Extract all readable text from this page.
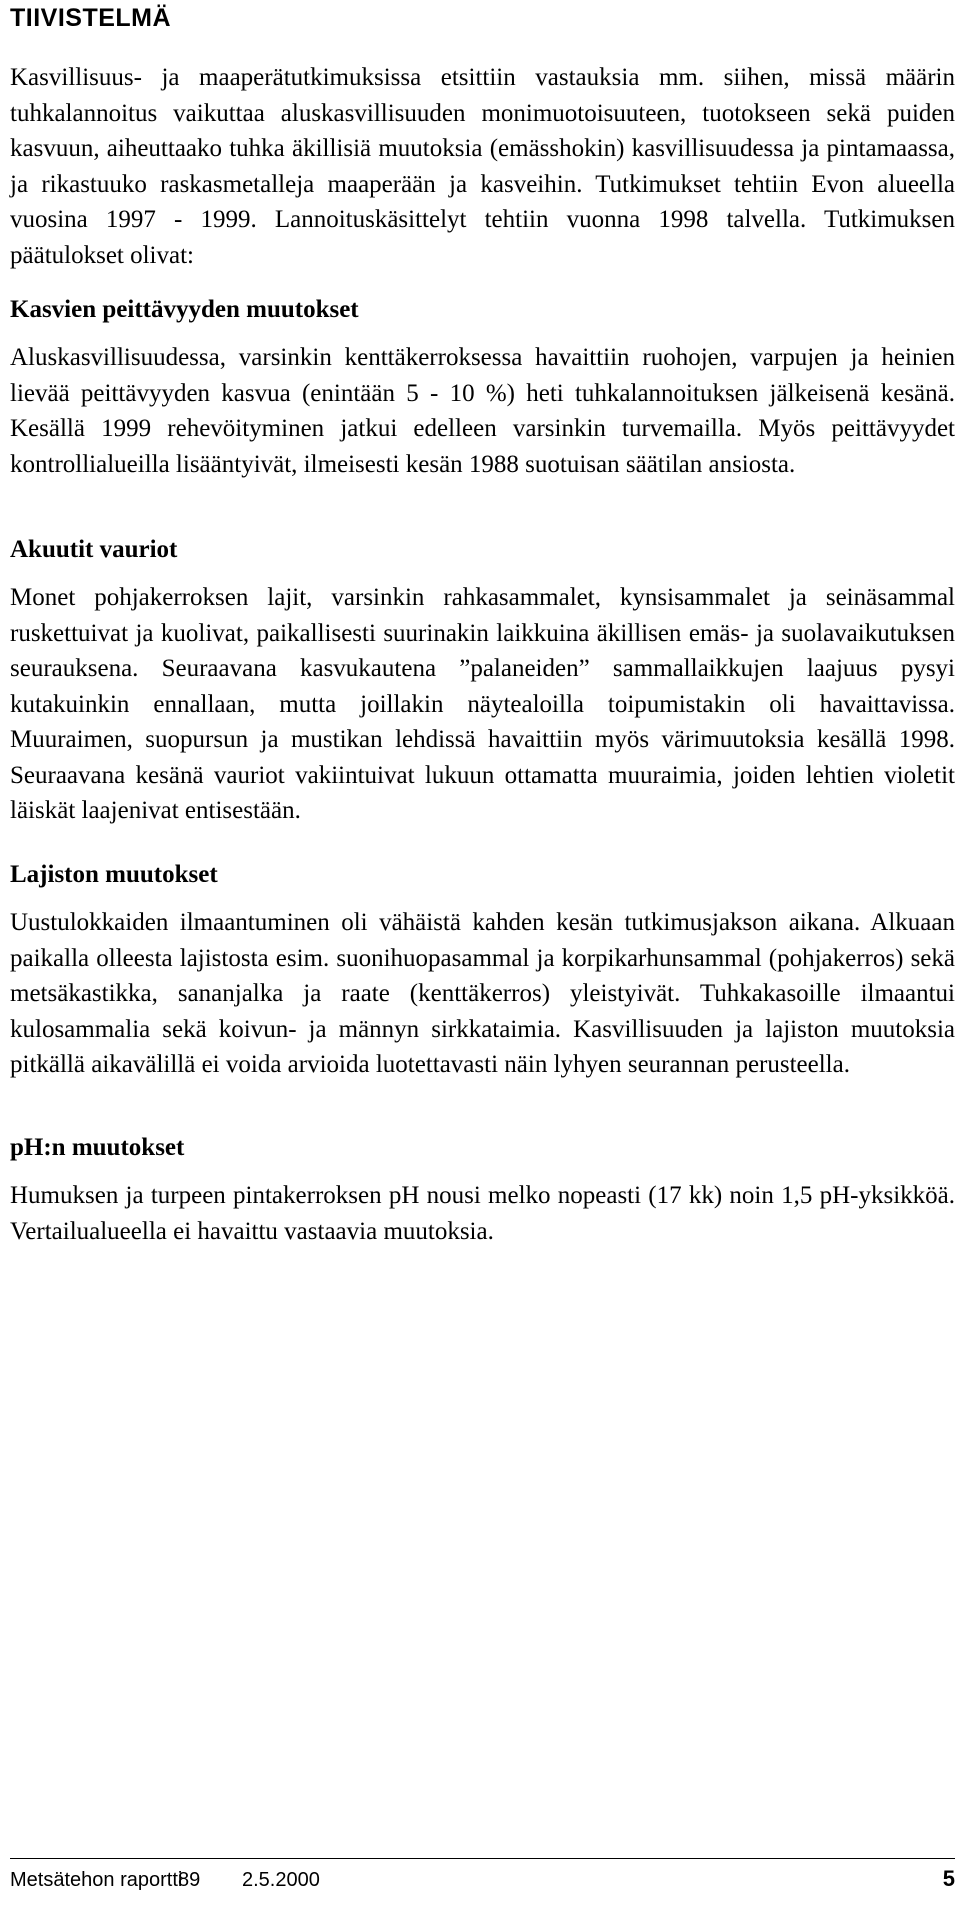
TIIVISTELMÄ

Kasvillisuus- ja maaperätutkimuksissa etsittiin vastauksia mm. siihen, missä määrin tuhkalannoitus vaikuttaa aluskasvillisuuden monimuotoisuuteen, tuotokseen sekä puiden kasvuun, aiheuttaako tuhka äkillisiä muutoksia (emässhokin) kasvillisuudessa ja pintamaassa, ja rikastuuko raskasmetalleja maaperään ja kasveihin. Tutkimukset tehtiin Evon alueella vuosina 1997 - 1999. Lannoituskäsittelyt tehtiin vuonna 1998 talvella. Tutkimuksen päätulokset olivat:

Kasvien peittävyyden muutokset

Aluskasvillisuudessa, varsinkin kenttäkerroksessa havaittiin ruohojen, varpujen ja heinien lievää peittävyyden kasvua (enintään 5 - 10 %) heti tuhkalannoituksen jälkeisenä kesänä. Kesällä 1999 rehevöityminen jatkui edelleen varsinkin turvemailla. Myös peittävyydet kontrollialueilla lisääntyivät, ilmeisesti kesän 1988 suotuisan säätilan ansiosta.

Akuutit vauriot

Monet pohjakerroksen lajit, varsinkin rahkasammalet, kynsisammalet ja seinäsammal ruskettuivat ja kuolivat, paikallisesti suurinakin laikkuina äkillisen emäs- ja suolavaikutuksen seurauksena. Seuraavana kasvukautena ”palaneiden” sammallaikkujen laajuus pysyi kutakuinkin ennallaan, mutta joillakin näytealoilla toipumistakin oli havaittavissa. Muuraimen, suopursun ja mustikan lehdissä havaittiin myös värimuutoksia kesällä 1998. Seuraavana kesänä vauriot vakiintuivat lukuun ottamatta muuraimia, joiden lehtien violetit läiskät laajenivat entisestään.

Lajiston muutokset

Uustulokkaiden ilmaantuminen oli vähäistä kahden kesän tutkimusjakson aikana. Alkuaan paikalla olleesta lajistosta esim. suonihuopasammal ja korpikarhunsammal (pohjakerros) sekä metsäkastikka, sananjalka ja raate (kenttäkerros) yleistyivät. Tuhkakasoille ilmaantui kulosammalia sekä koivun- ja männyn sirkkataimia. Kasvillisuuden ja lajiston muutoksia pitkällä aikavälillä ei voida arvioida luotettavasti näin lyhyen seurannan perusteella.

pH:n muutokset

Humuksen ja turpeen pintakerroksen pH nousi melko nopeasti (17 kk) noin 1,5 pH-yksikköä. Vertailualueella ei havaittu vastaavia muutoksia.

Metsätehon raportti
89 2.5.2000	5
